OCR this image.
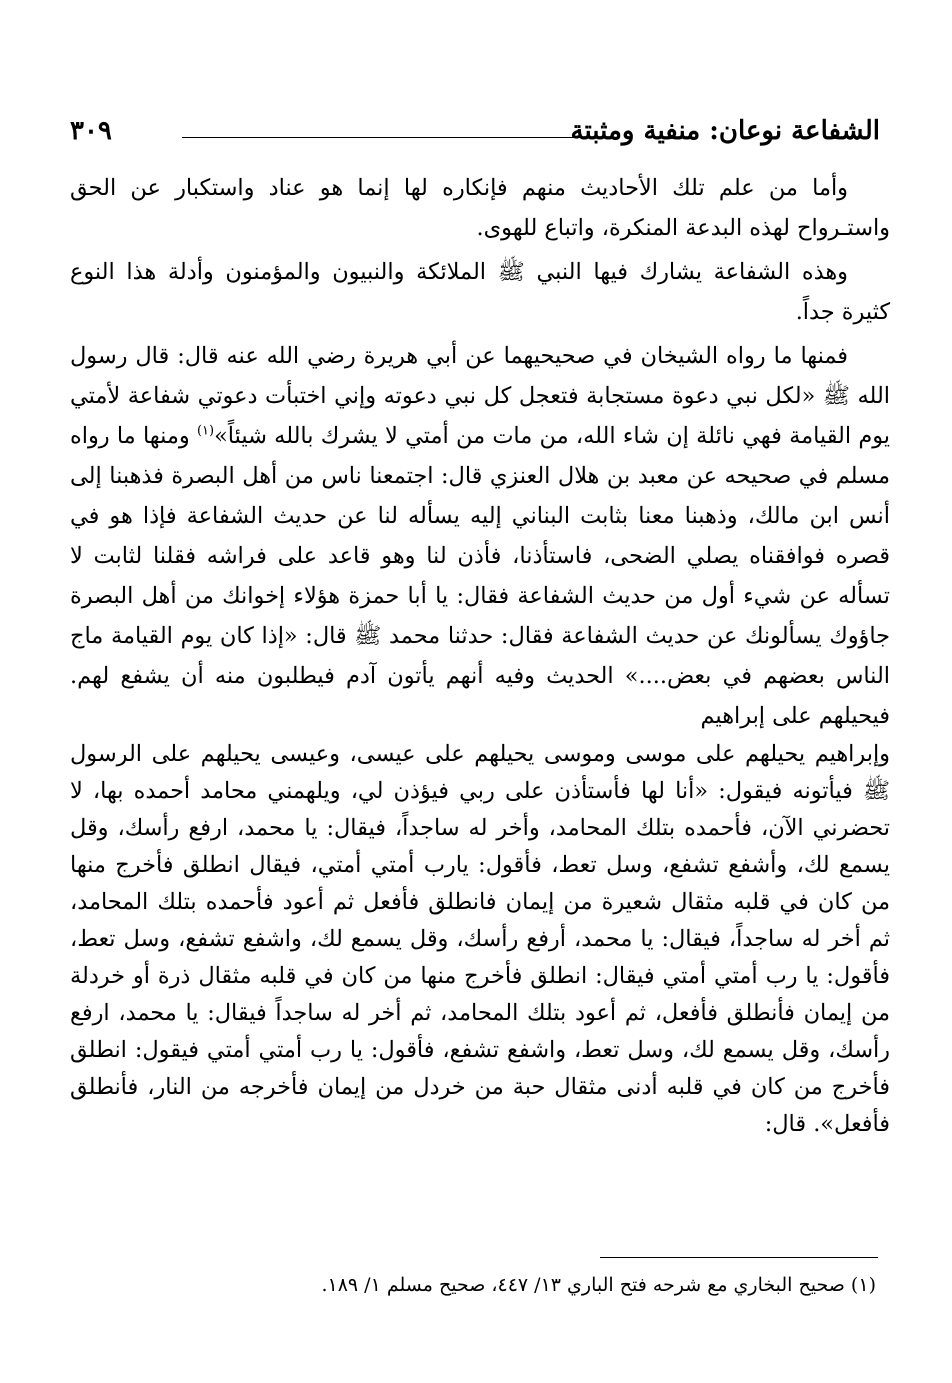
الشفاعة نوعان: منفية ومثبتة
٣٠٩

وأما من علم تلك الأحاديث منهم فإنكاره لها إنما هو عناد واستكبار عن الحق واستـرواح لهذه البدعة المنكرة، واتباع للهوى.

وهذه الشفاعة يشارك فيها النبي ﷺ الملائكة والنبيون والمؤمنون وأدلة هذا النوع كثيرة جداً.

فمنها ما رواه الشيخان في صحيحيهما عن أبي هريرة رضي الله عنه قال: قال رسول الله ﷺ «لكل نبي دعوة مستجابة فتعجل كل نبي دعوته وإني اختبأت دعوتي شفاعة لأمتي يوم القيامة فهي نائلة إن شاء الله، من مات من أمتي لا يشرك بالله شيئاً»$^{(١)}$ ومنها ما رواه مسلم في صحيحه عن معبد بن هلال العنزي قال: اجتمعنا ناس من أهل البصرة فذهبنا إلى أنس ابن مالك، وذهبنا معنا بثابت البناني إليه يسأله لنا عن حديث الشفاعة فإذا هو في قصره فوافقناه يصلي الضحى، فاستأذنا، فأذن لنا وهو قاعد على فراشه فقلنا لثابت لا تسأله عن شيء أول من حديث الشفاعة فقال: يا أبا حمزة هؤلاء إخوانك من أهل البصرة جاؤوك يسألونك عن حديث الشفاعة فقال: حدثنا محمد ﷺ قال: «إذا كان يوم القيامة ماج الناس بعضهم في بعض....» الحديث وفيه أنهم يأتون آدم فيطلبون منه أن يشفع لهم. فيحيلهم على إبراهيم

وإبراهيم يحيلهم على موسى وموسى يحيلهم على عيسى، وعيسى يحيلهم على الرسول ﷺ فيأتونه فيقول: «أنا لها فأستأذن على ربي فيؤذن لي، ويلهمني محامد أحمده بها، لا تحضرني الآن، فأحمده بتلك المحامد، وأخر له ساجداً، فيقال: يا محمد، ارفع رأسك، وقل يسمع لك، وأشفع تشفع، وسل تعط، فأقول: يارب أمتي أمتي، فيقال انطلق فأخرج منها من كان في قلبه مثقال شعيرة من إيمان فانطلق فأفعل ثم أعود فأحمده بتلك المحامد، ثم أخر له ساجداً، فيقال: يا محمد، أرفع رأسك، وقل يسمع لك، واشفع تشفع، وسل تعط، فأقول: يا رب أمتي أمتي فيقال: انطلق فأخرج منها من كان في قلبه مثقال ذرة أو خردلة من إيمان فأنطلق فأفعل، ثم أعود بتلك المحامد، ثم أخر له ساجداً فيقال: يا محمد، ارفع رأسك، وقل يسمع لك، وسل تعط، واشفع تشفع، فأقول: يا رب أمتي أمتي فيقول: انطلق فأخرج من كان في قلبه أدنى مثقال حبة من خردل من إيمان فأخرجه من النار، فأنطلق فأفعل». قال:

(١) صحيح البخاري مع شرحه فتح الباري ١٣/ ٤٤٧، صحيح مسلم ١/ ١٨٩.
